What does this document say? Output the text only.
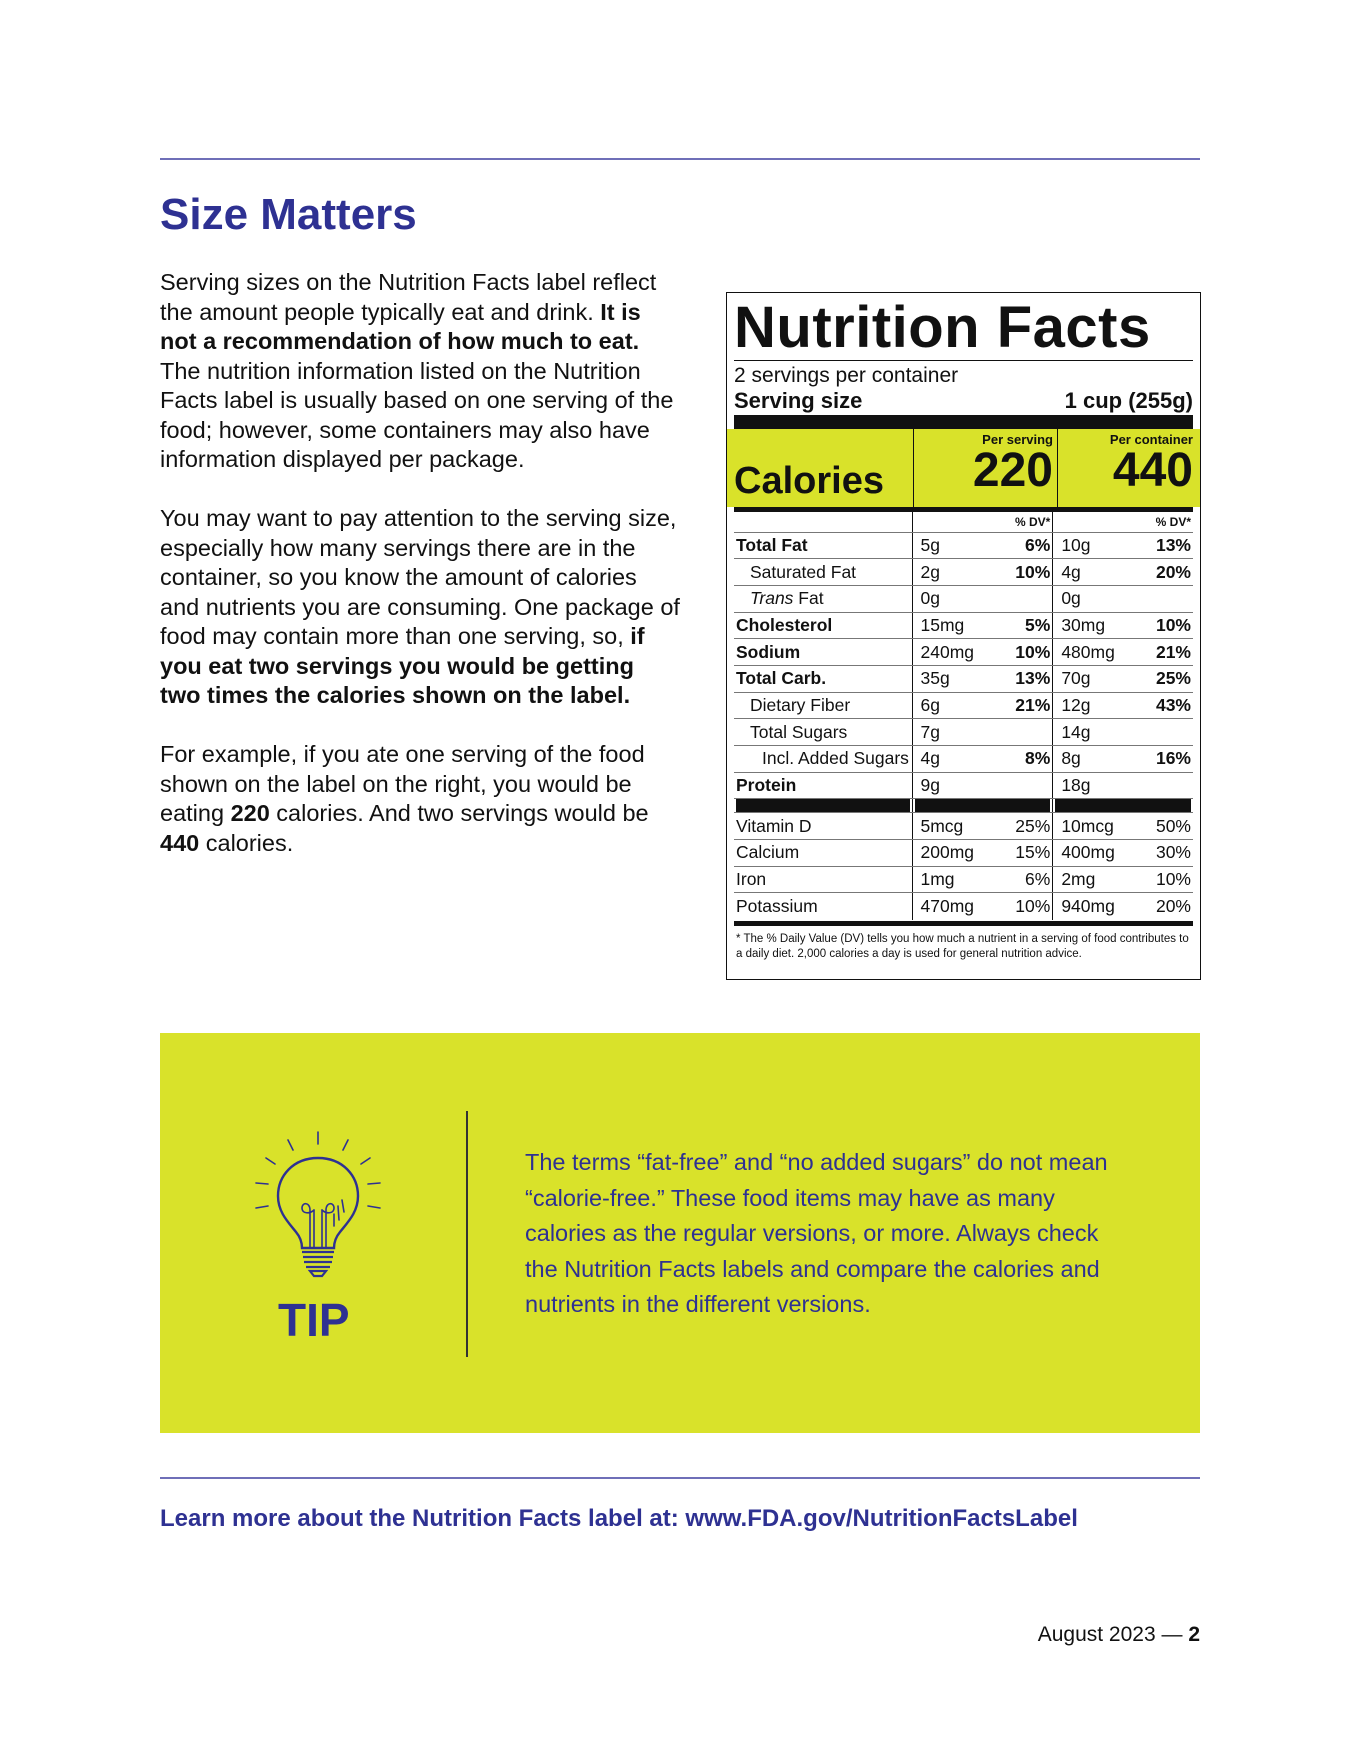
Size Matters

Serving sizes on the Nutrition Facts label reflect the amount people typically eat and drink. It is not a recommendation of how much to eat. The nutrition information listed on the Nutrition Facts label is usually based on one serving of the food; however, some containers may also have information displayed per package.

You may want to pay attention to the serving size, especially how many servings there are in the container, so you know the amount of calories and nutrients you are consuming. One package of food may contain more than one serving, so, if you eat two servings you would be getting two times the calories shown on the label.

For example, if you ate one serving of the food shown on the label on the right, you would be eating 220 calories. And two servings would be 440 calories.

Nutrition Facts
2 servings per container
Serving size	1 cup (255g)
Calories
Per serving
220
Per container
440
		% DV*		% DV*
Total Fat	5g	6%	10g	13%
Saturated Fat	2g	10%	4g	20%
Trans Fat	0g		0g	
Cholesterol	15mg	5%	30mg	10%
Sodium	240mg	10%	480mg	21%
Total Carb.	35g	13%	70g	25%
Dietary Fiber	6g	21%	12g	43%
Total Sugars	7g		14g	
Incl. Added Sugars	4g	8%	8g	16%
Protein	9g		18g	

Vitamin D	5mcg	25%	10mcg	50%
Calcium	200mg	15%	400mg	30%
Iron	1mg	6%	2mg	10%
Potassium	470mg	10%	940mg	20%
* The % Daily Value (DV) tells you how much a nutrient in a serving of food contributes to a daily diet. 2,000 calories a day is used for general nutrition advice.
TIP
The terms “fat-free” and “no added sugars” do not mean “calorie-free.” These food items may have as many calories as the regular versions, or more. Always check the Nutrition Facts labels and compare the calories and nutrients in the different versions.
Learn more about the Nutrition Facts label at: www.FDA.gov/NutritionFactsLabel
August 2023 — 2
